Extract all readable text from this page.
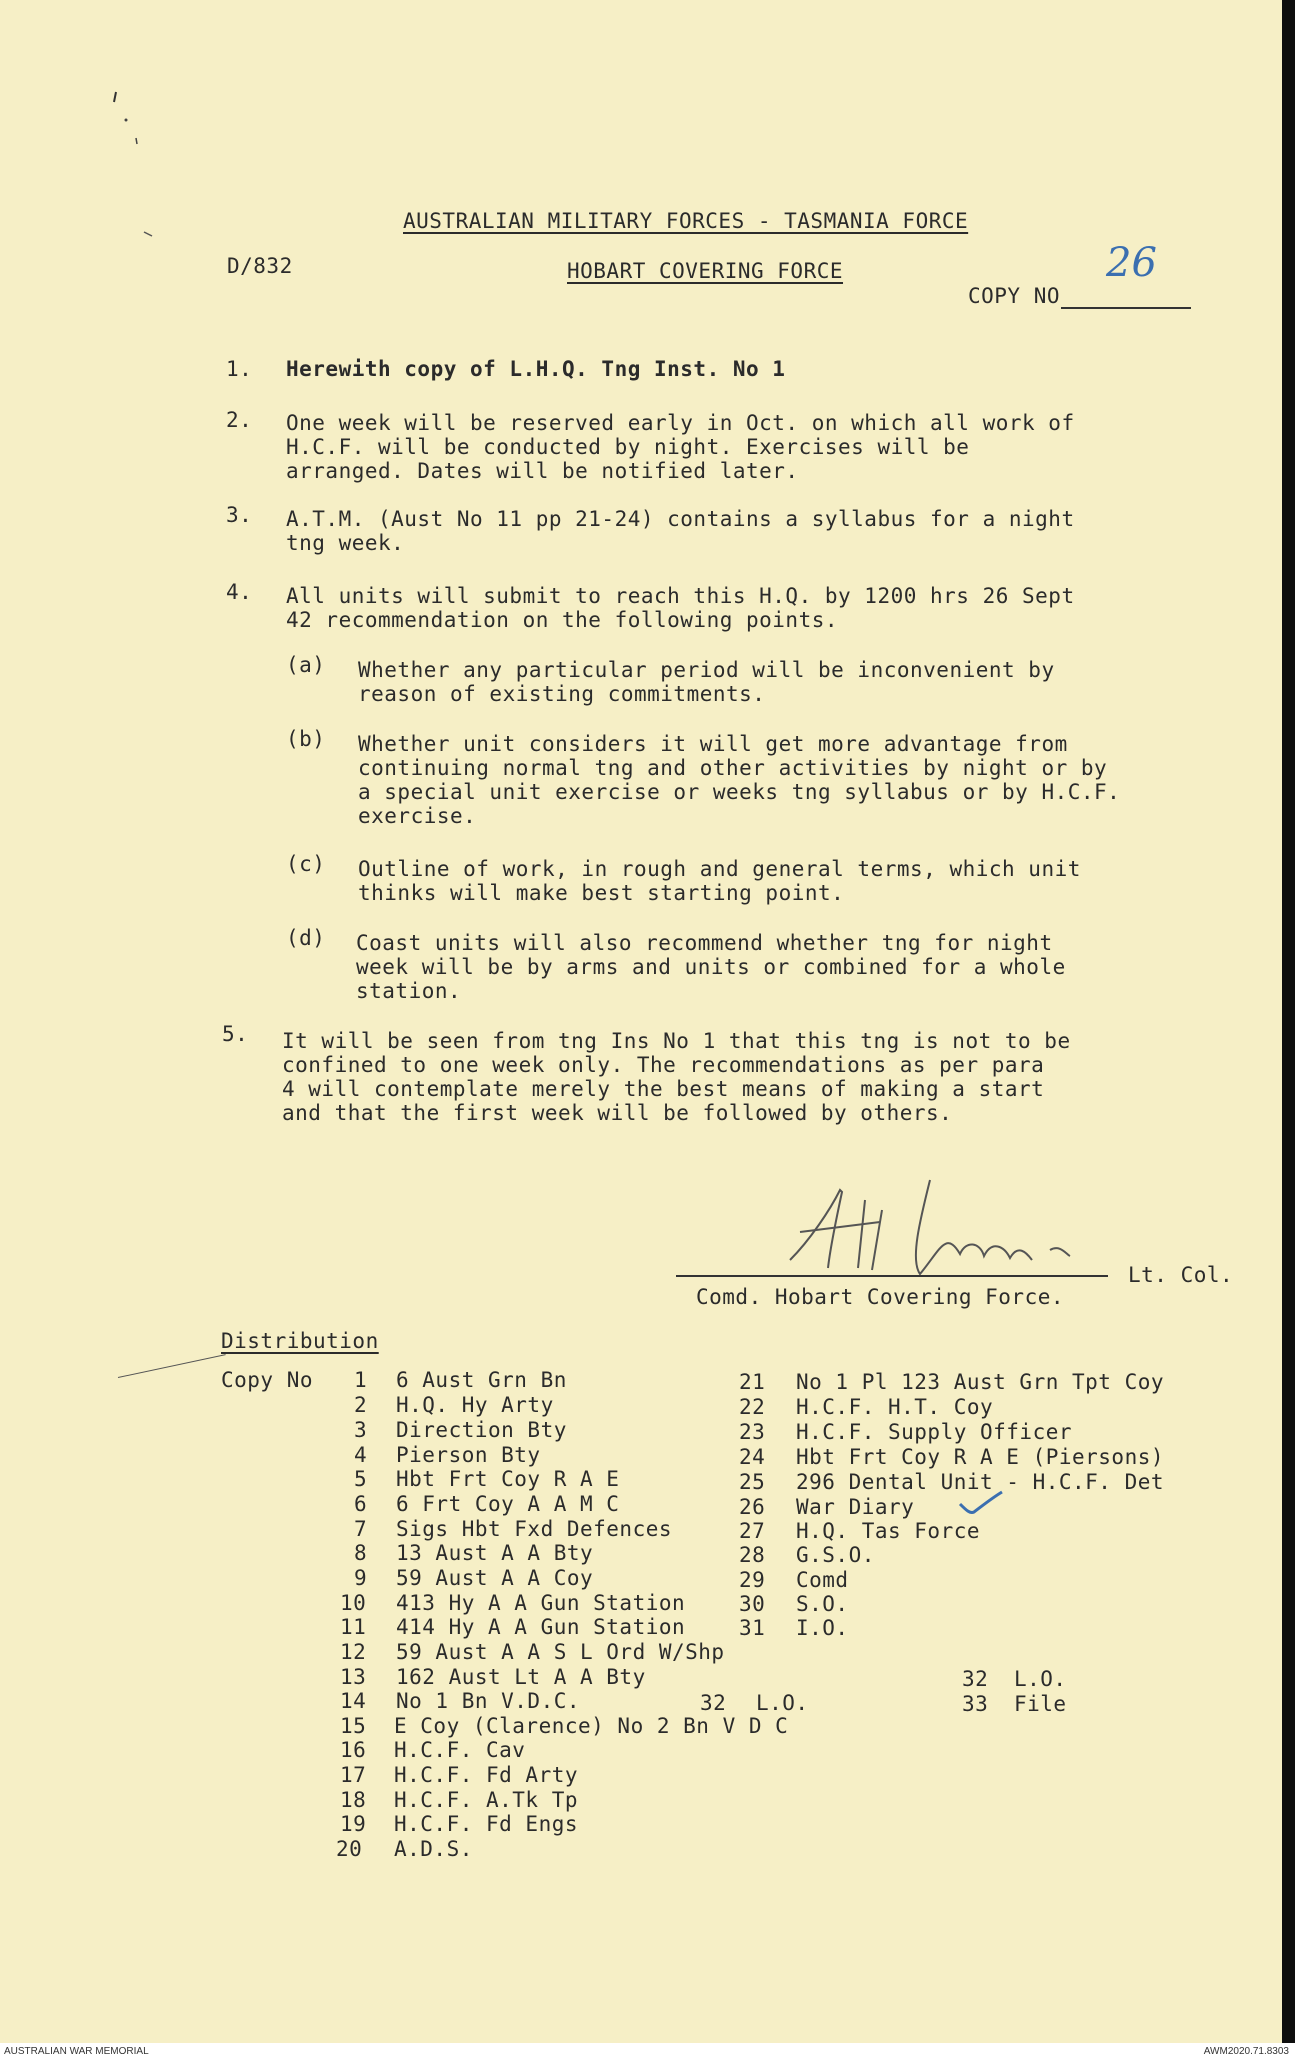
AUSTRALIAN MILITARY FORCES - TASMANIA FORCE
D/832	HOBART COVERING FORCE
COPY NO
26
1. Herewith copy of L.H.Q. Tng Inst. No 1
2. One week will be reserved early in Oct. on which all work of
H.C.F. will be conducted by night. Exercises will be
arranged. Dates will be notified later.
3. A.T.M. (Aust No 11 pp 21-24) contains a syllabus for a night
tng week.
4. All units will submit to reach this H.Q. by 1200 hrs 26 Sept
42 recommendation on the following points.
(a) Whether any particular period will be inconvenient by
reason of existing commitments.
(b) Whether unit considers it will get more advantage from
continuing normal tng and other activities by night or by
a special unit exercise or weeks tng syllabus or by H.C.F.
exercise.
(c) Outline of work, in rough and general terms, which unit
thinks will make best starting point.
(d) Coast units will also recommend whether tng for night
week will be by arms and units or combined for a whole
station.
5. It will be seen from tng Ins No 1 that this tng is not to be
confined to one week only. The recommendations as per para
4 will contemplate merely the best means of making a start
and that the first week will be followed by others.
Lt. Col.
Comd. Hobart Covering Force.
Distribution
Copy No 1 6 Aust Grn Bn
2 H.Q. Hy Arty
3 Direction Bty
4 Pierson Bty
5 Hbt Frt Coy R A E
6 6 Frt Coy A A M C
7 Sigs Hbt Fxd Defences
8 13 Aust A A Bty
9 59 Aust A A Coy
10 413 Hy A A Gun Station
11 414 Hy A A Gun Station
12 59 Aust A A S L Ord W/Shp
13 162 Aust Lt A A Bty
14 No 1 Bn V.D.C.
15 E Coy (Clarence) No 2 Bn V D C
16 H.C.F. Cav
17 H.C.F. Fd Arty
18 H.C.F. A.Tk Tp
19 H.C.F. Fd Engs
20 A.D.S.
21 No 1 Pl 123 Aust Grn Tpt Coy
22 H.C.F. H.T. Coy
23 H.C.F. Supply Officer
24 Hbt Frt Coy R A E (Piersons)
25 296 Dental Unit - H.C.F. Det
26 War Diary
27 H.Q. Tas Force
28 G.S.O.
29 Comd
30 S.O.
31 I.O.
32 L.O.
32 L.O.
33 File
AUSTRALIAN WAR MEMORIAL	AWM2020.71.8303
